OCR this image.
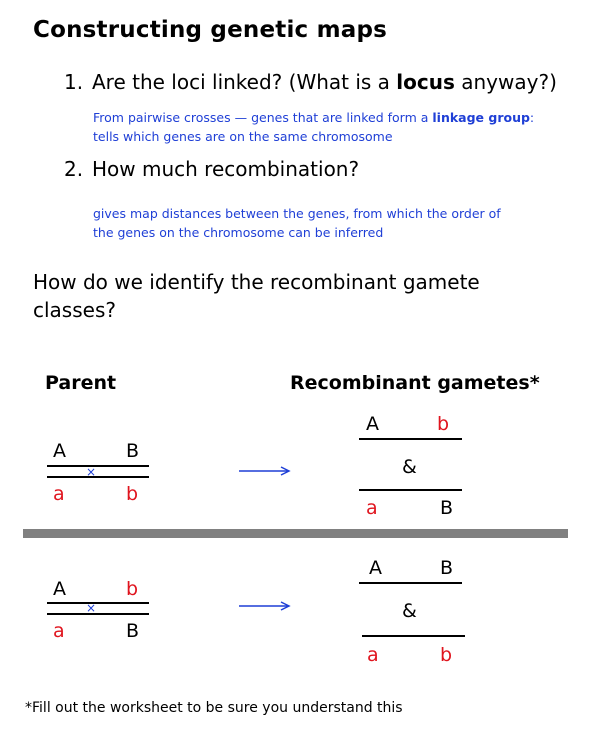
Constructing genetic maps
1. Are the loci linked? (What is a locus anyway?)
From pairwise crosses — genes that are linked form a linkage group:
tells which genes are on the same chromosome
2. How much recombination?
gives map distances between the genes, from which the order of
the genes on the chromosome can be inferred
How do we identify the recombinant gamete classes?
Parent	Recombinant gametes*
A	B
×
a	b
A	b
&
a	B
A	b
×
a	B
A	B
&
a	b
*Fill out the worksheet to be sure you understand this
